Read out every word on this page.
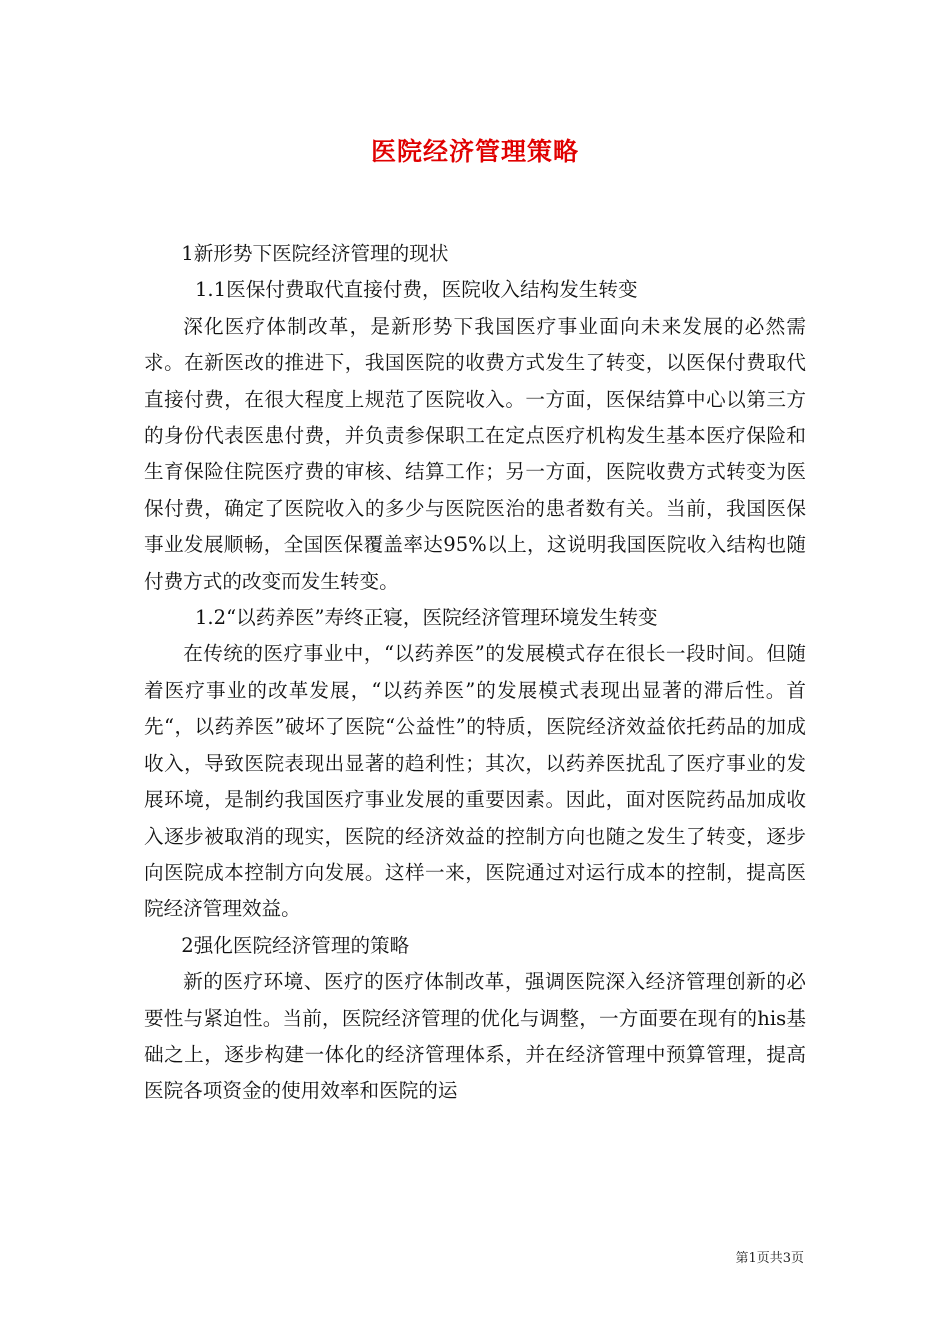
医院经济管理策略

1新形势下医院经济管理的现状

1.1医保付费取代直接付费，医院收入结构发生转变

深化医疗体制改革，是新形势下我国医疗事业面向未来发展的必然需求。在新医改的推进下，我国医院的收费方式发生了转变，以医保付费取代直接付费，在很大程度上规范了医院收入。一方面，医保结算中心以第三方的身份代表医患付费，并负责参保职工在定点医疗机构发生基本医疗保险和生育保险住院医疗费的审核、结算工作；另一方面，医院收费方式转变为医保付费，确定了医院收入的多少与医院医治的患者数有关。当前，我国医保事业发展顺畅，全国医保覆盖率达95%以上，这说明我国医院收入结构也随付费方式的改变而发生转变。

1.2“以药养医”寿终正寝，医院经济管理环境发生转变

在传统的医疗事业中，“以药养医”的发展模式存在很长一段时间。但随着医疗事业的改革发展，“以药养医”的发展模式表现出显著的滞后性。首先“，以药养医”破坏了医院“公益性”的特质，医院经济效益依托药品的加成收入，导致医院表现出显著的趋利性；其次，以药养医扰乱了医疗事业的发展环境，是制约我国医疗事业发展的重要因素。因此，面对医院药品加成收入逐步被取消的现实，医院的经济效益的控制方向也随之发生了转变，逐步向医院成本控制方向发展。这样一来，医院通过对运行成本的控制，提高医院经济管理效益。

2强化医院经济管理的策略

新的医疗环境、医疗的医疗体制改革，强调医院深入经济管理创新的必要性与紧迫性。当前，医院经济管理的优化与调整，一方面要在现有的his基础之上，逐步构建一体化的经济管理体系，并在经济管理中预算管理，提高医院各项资金的使用效率和医院的运

第1页共3页
